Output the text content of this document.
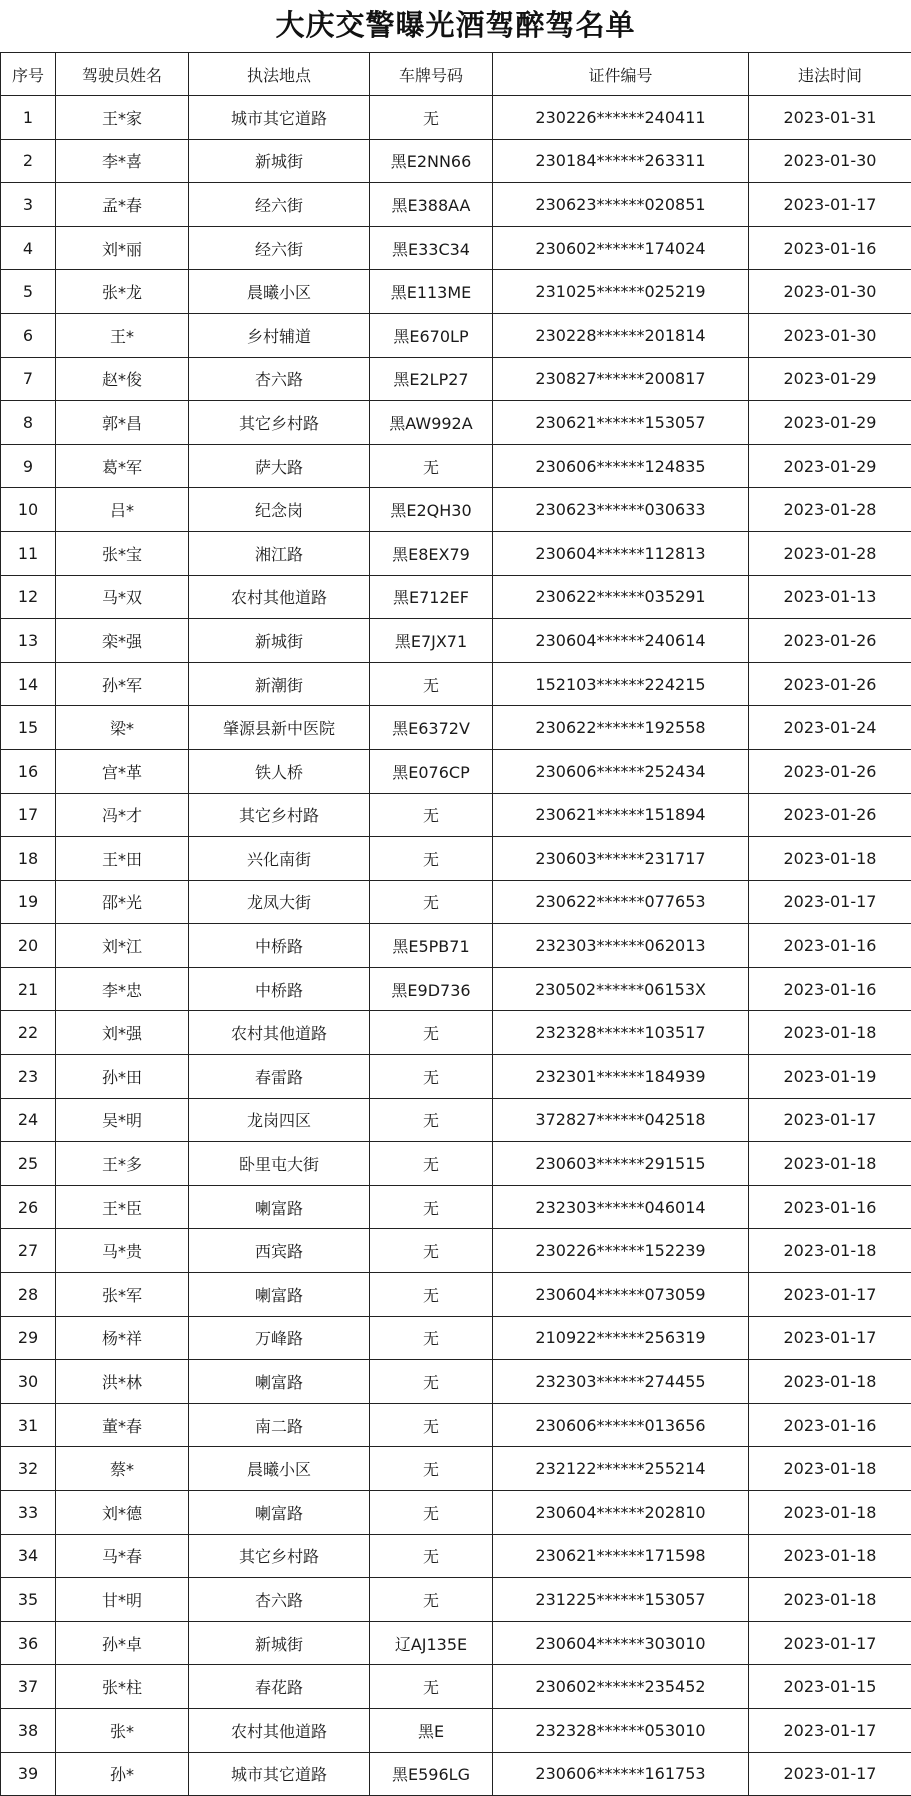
大庆交警曝光酒驾醉驾名单
序号	驾驶员姓名	执法地点	车牌号码	证件编号	违法时间
1	王*家	城市其它道路	无	230226******240411	2023-01-31
2	李*喜	新城街	黑E2NN66	230184******263311	2023-01-30
3	孟*春	经六街	黑E388AA	230623******020851	2023-01-17
4	刘*丽	经六街	黑E33C34	230602******174024	2023-01-16
5	张*龙	晨曦小区	黑E113ME	231025******025219	2023-01-30
6	王*	乡村辅道	黑E670LP	230228******201814	2023-01-30
7	赵*俊	杏六路	黑E2LP27	230827******200817	2023-01-29
8	郭*昌	其它乡村路	黑AW992A	230621******153057	2023-01-29
9	葛*军	萨大路	无	230606******124835	2023-01-29
10	吕*	纪念岗	黑E2QH30	230623******030633	2023-01-28
11	张*宝	湘江路	黑E8EX79	230604******112813	2023-01-28
12	马*双	农村其他道路	黑E712EF	230622******035291	2023-01-13
13	栾*强	新城街	黑E7JX71	230604******240614	2023-01-26
14	孙*军	新潮街	无	152103******224215	2023-01-26
15	梁*	肇源县新中医院	黑E6372V	230622******192558	2023-01-24
16	宫*革	铁人桥	黑E076CP	230606******252434	2023-01-26
17	冯*才	其它乡村路	无	230621******151894	2023-01-26
18	王*田	兴化南街	无	230603******231717	2023-01-18
19	邵*光	龙凤大街	无	230622******077653	2023-01-17
20	刘*江	中桥路	黑E5PB71	232303******062013	2023-01-16
21	李*忠	中桥路	黑E9D736	230502******06153X	2023-01-16
22	刘*强	农村其他道路	无	232328******103517	2023-01-18
23	孙*田	春雷路	无	232301******184939	2023-01-19
24	吴*明	龙岗四区	无	372827******042518	2023-01-17
25	王*多	卧里屯大街	无	230603******291515	2023-01-18
26	王*臣	喇富路	无	232303******046014	2023-01-16
27	马*贵	西宾路	无	230226******152239	2023-01-18
28	张*军	喇富路	无	230604******073059	2023-01-17
29	杨*祥	万峰路	无	210922******256319	2023-01-17
30	洪*林	喇富路	无	232303******274455	2023-01-18
31	董*春	南二路	无	230606******013656	2023-01-16
32	蔡*	晨曦小区	无	232122******255214	2023-01-18
33	刘*德	喇富路	无	230604******202810	2023-01-18
34	马*春	其它乡村路	无	230621******171598	2023-01-18
35	甘*明	杏六路	无	231225******153057	2023-01-18
36	孙*卓	新城街	辽AJ135E	230604******303010	2023-01-17
37	张*柱	春花路	无	230602******235452	2023-01-15
38	张*	农村其他道路	黑E	232328******053010	2023-01-17
39	孙*	城市其它道路	黑E596LG	230606******161753	2023-01-17
